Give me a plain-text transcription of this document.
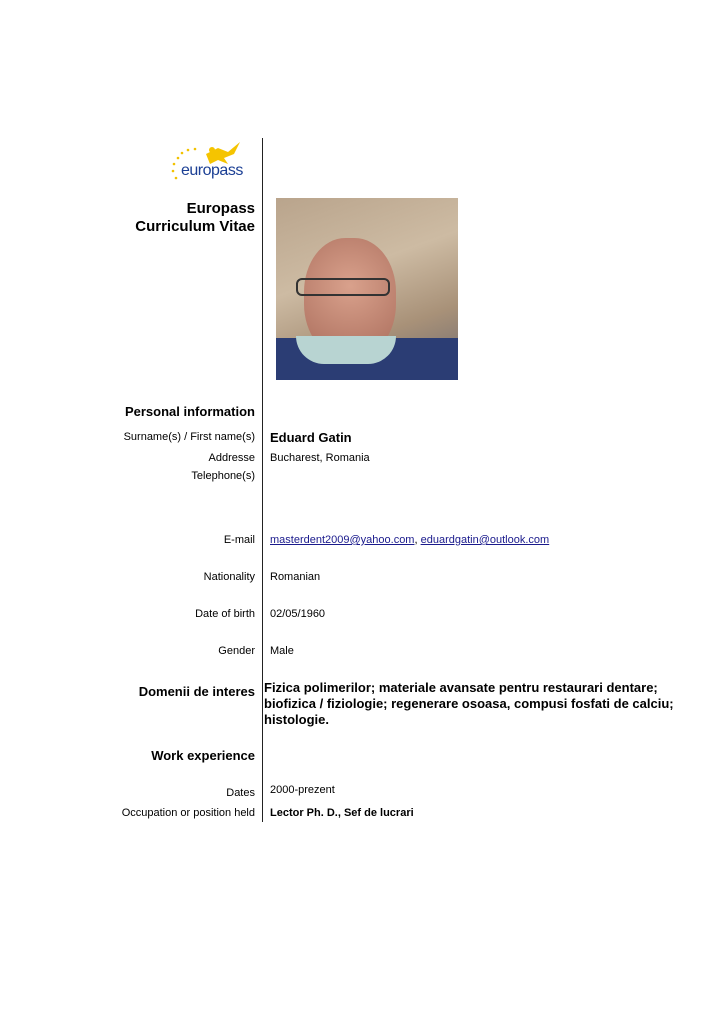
europass
Europass
Curriculum Vitae
Personal information
Surname(s) / First name(s) Eduard Gatin
Addresse Bucharest, Romania
Telephone(s)
E-mail masterdent2009@yahoo.com, eduardgatin@outlook.com
Nationality Romanian
Date of birth 02/05/1960
Gender Male
Domenii de interes Fizica polimerilor; materiale avansate pentru restaurari dentare; biofizica / fiziologie; regenerare osoasa, compusi fosfati de calciu; histologie.
Work experience
Dates 2000-prezent
Occupation or position held Lector Ph. D., Sef de lucrari
